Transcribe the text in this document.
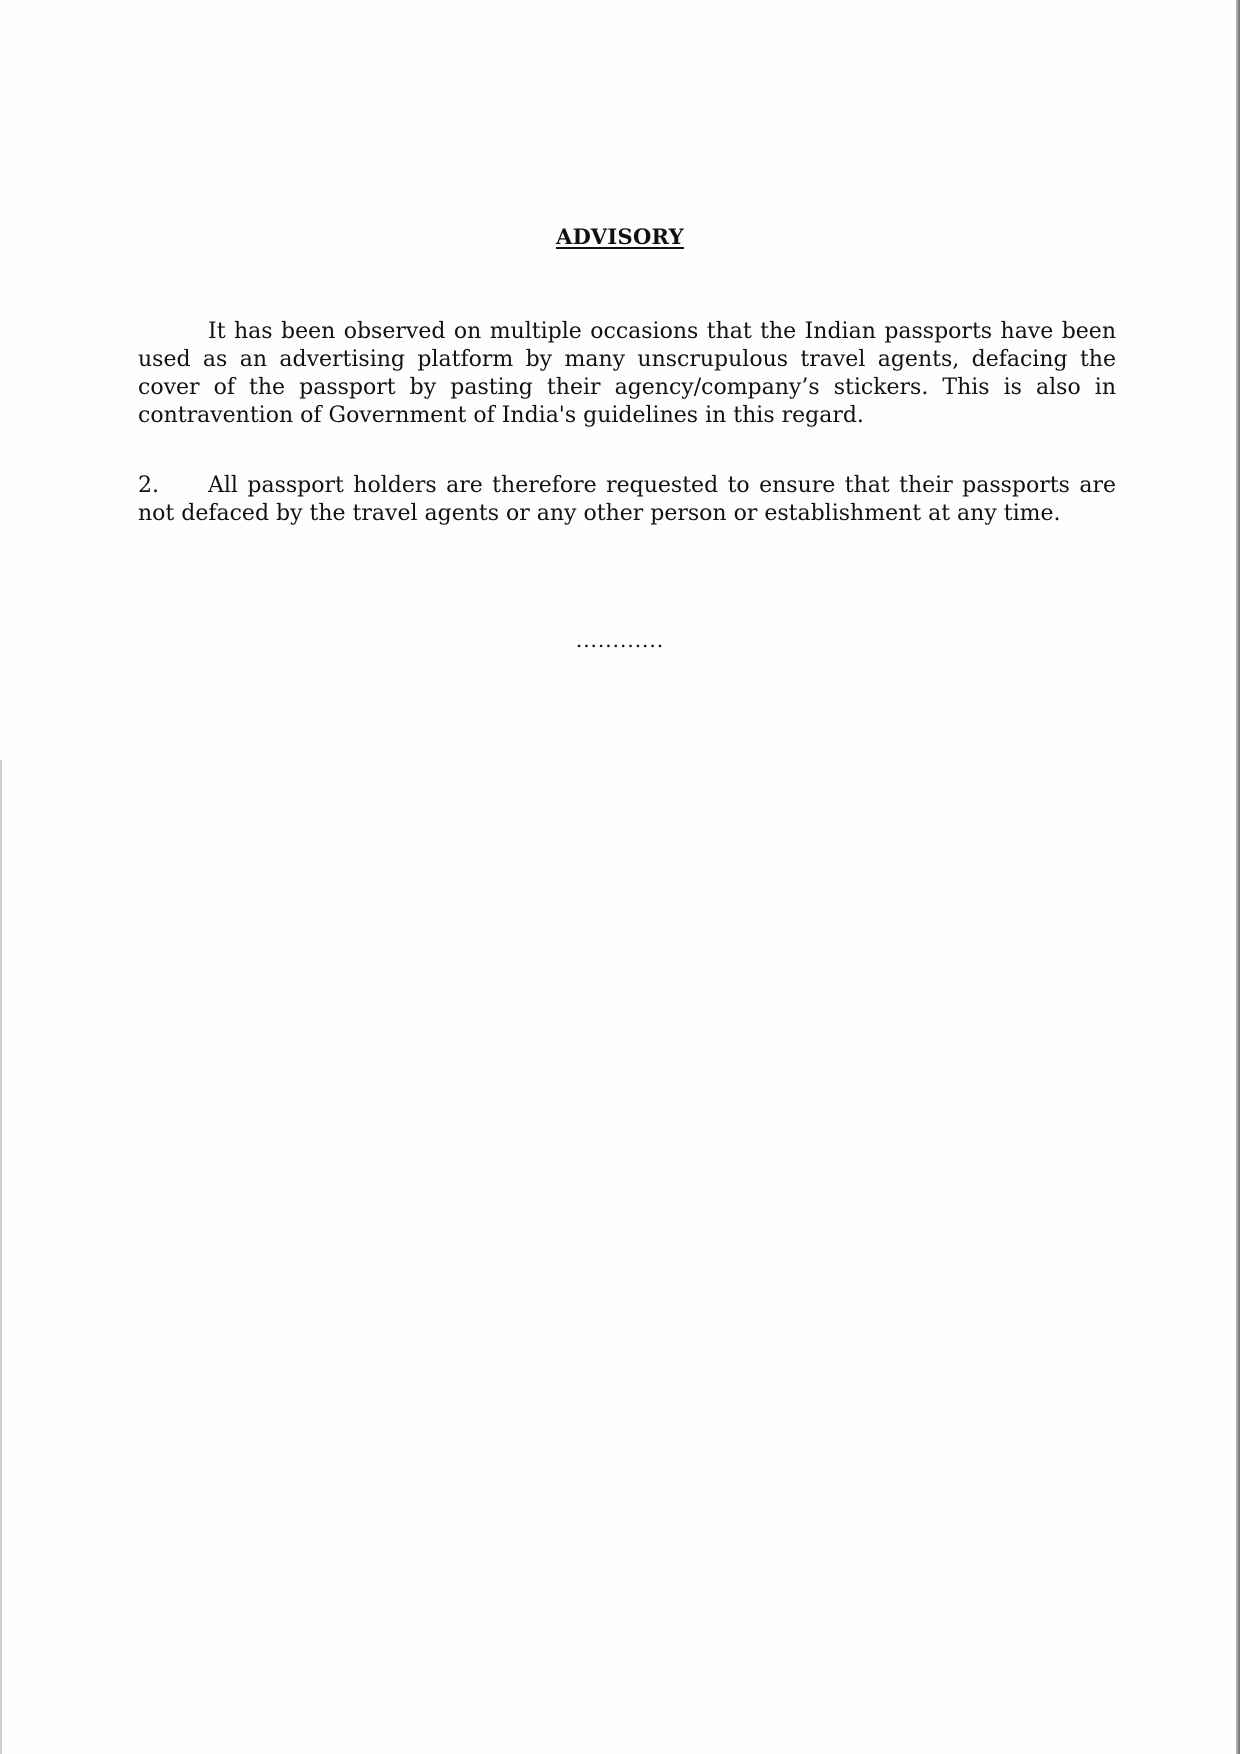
ADVISORY

It has been observed on multiple occasions that the Indian passports have been used as an advertising platform by many unscrupulous travel agents, defacing the cover of the passport by pasting their agency/company’s stickers. This is also in contravention of Government of India's guidelines in this regard.

2. All passport holders are therefore requested to ensure that their passports are not defaced by the travel agents or any other person or establishment at any time.

............
